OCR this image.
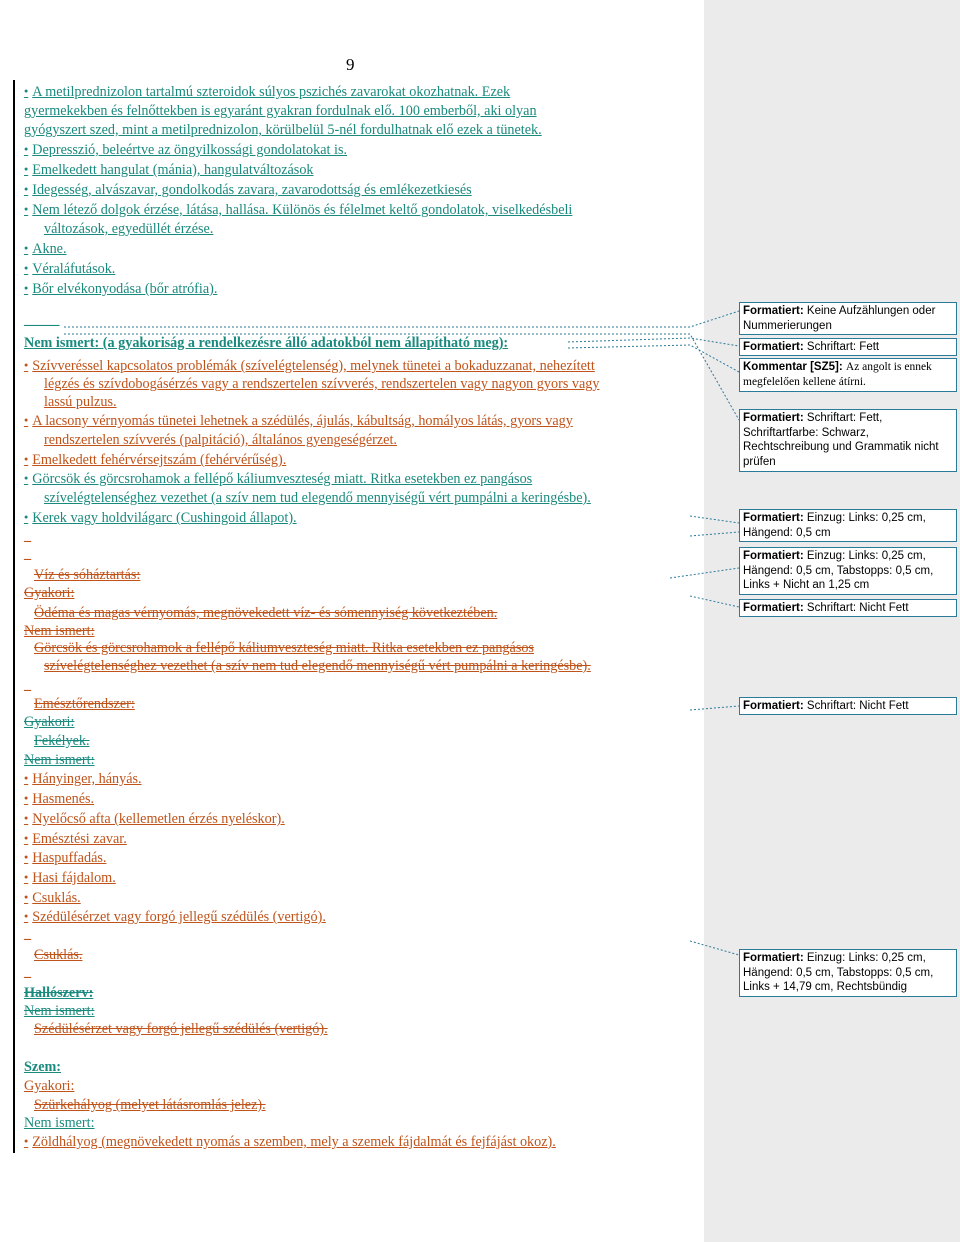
9
● A metilprednizolon tartalmú szteroidok súlyos pszichés zavarokat okozhatnak. Ezek
gyermekekben és felnőttekben is egyaránt gyakran fordulnak elő. 100 emberből, aki olyan
gyógyszert szed, mint a metilprednizolon, körülbelül 5-nél fordulhatnak elő ezek a tünetek.
● Depresszió, beleértve az öngyilkossági gondolatokat is.
● Emelkedett hangulat (mánia), hangulatváltozások
● Idegesség, alvászavar, gondolkodás zavara, zavarodottság és emlékezetkiesés
● Nem létező dolgok érzése, látása, hallása. Különös és félelmet keltő gondolatok, viselkedésbeli
változások, egyedüllét érzése.
● Akne.
● Véraláfutások.
● Bőr elvékonyodása (bőr atrófia).
_____
Nem ismert: (a gyakoriság a rendelkezésre álló adatokból nem állapítható meg):
● Szívveréssel kapcsolatos problémák (szívelégtelenség), melynek tünetei a bokaduzzanat, nehezített
légzés és szívdobogásérzés vagy a rendszertelen szívverés, rendszertelen vagy nagyon gyors vagy
lassú pulzus.
● A lacsony vérnyomás tünetei lehetnek a szédülés, ájulás, kábultság, homályos látás, gyors vagy
rendszertelen szívverés (palpitáció), általános gyengeségérzet.
● Emelkedett fehérvérsejtszám (fehérvérűség).
● Görcsök és görcsrohamok a fellépő káliumveszteség miatt. Ritka esetekben ez pangásos
szívelégtelenséghez vezethet (a szív nem tud elegendő mennyiségű vért pumpálni a keringésbe).
● Kerek vagy holdvilágarc (Cushingoid állapot).
_
_
Víz és sóháztartás:
Gyakori:
Ödéma és magas vérnyomás, megnövekedett víz- és sómennyiség következtében.
Nem ismert:
Görcsök és görcsrohamok a fellépő káliumveszteség miatt. Ritka esetekben ez pangásos
szívelégtelenséghez vezethet (a szív nem tud elegendő mennyiségű vért pumpálni a keringésbe).
_
Emésztőrendszer:
Gyakori:
Fekélyek.
Nem ismert:
● Hányinger, hányás.
● Hasmenés.
● Nyelőcső afta (kellemetlen érzés nyeléskor).
● Emésztési zavar.
● Haspuffadás.
● Hasi fájdalom.
● Csuklás.
● Szédülésérzet vagy forgó jellegű szédülés (vertigó).
_
Csuklás.
_
Hallószerv:
Nem ismert:
Szédülésérzet vagy forgó jellegű szédülés (vertigó).
Szem:
Gyakori:
Szürkehályog (melyet látásromlás jelez).
Nem ismert:
● Zöldhályog (megnövekedett nyomás a szemben, mely a szemek fájdalmát és fejfájást okoz).
Formatiert: Keine Aufzählungen oder Nummerierungen
Formatiert: Schriftart: Fett
Kommentar [SZ5]: Az angolt is ennek megfelelően kellene átírni.
Formatiert: Schriftart: Fett, Schriftartfarbe: Schwarz, Rechtschreibung und Grammatik nicht prüfen
Formatiert: Einzug: Links: 0,25 cm, Hängend: 0,5 cm
Formatiert: Einzug: Links: 0,25 cm, Hängend: 0,5 cm, Tabstopps: 0,5 cm, Links + Nicht an 1,25 cm
Formatiert: Schriftart: Nicht Fett
Formatiert: Schriftart: Nicht Fett
Formatiert: Einzug: Links: 0,25 cm, Hängend: 0,5 cm, Tabstopps: 0,5 cm, Links + 14,79 cm, Rechtsbündig
